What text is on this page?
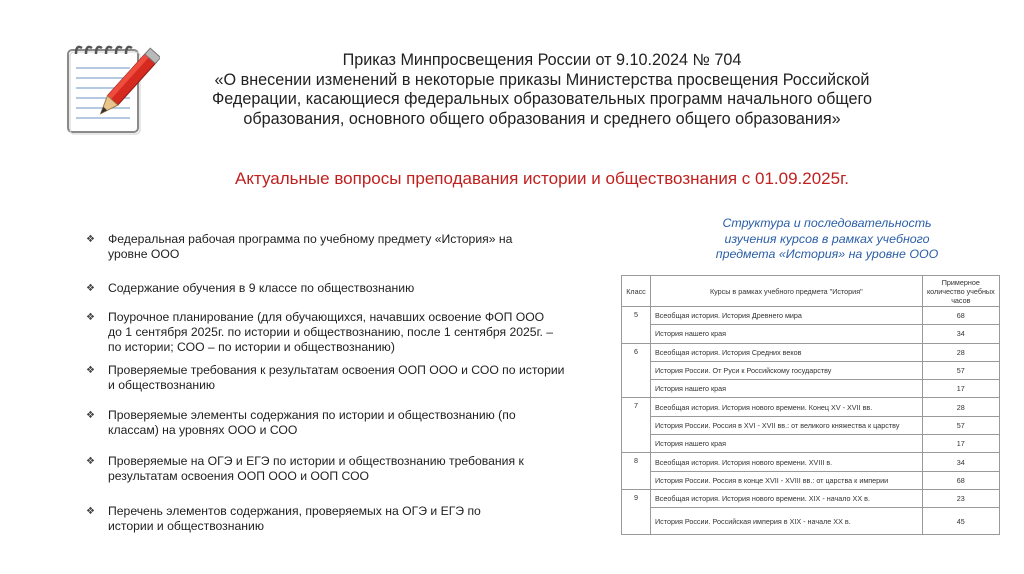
Приказ Минпросвещения России от 9.10.2024 № 704
«О внесении изменений в некоторые приказы Министерства просвещения Российской
Федерации, касающиеся федеральных образовательных программ начального общего
образования, основного общего образования и среднего общего образования»
Актуальные вопросы преподавания истории и обществознания с 01.09.2025г.
❖	Федеральная рабочая программа по учебному предмету «История» на
уровне ООО
❖	Содержание обучения в 9 классе по обществознанию
❖	Поурочное планирование (для обучающихся, начавших освоение ФОП ООО
до 1 сентября 2025г. по истории и обществознанию, после 1 сентября 2025г. –
по истории; СОО – по истории и обществознанию)
❖	Проверяемые требования к результатам освоения ООП ООО и СОО по истории
и обществознанию
❖	Проверяемые элементы содержания по истории и обществознанию (по
классам) на уровнях ООО и СОО
❖	Проверяемые на ОГЭ и ЕГЭ по истории и обществознанию требования к
результатам освоения ООП ООО и ООП СОО
❖	Перечень элементов содержания, проверяемых на ОГЭ и ЕГЭ по
истории и обществознанию
Структура и последовательность
изучения курсов в рамках учебного
предмета «История» на уровне ООО
Класс	Курсы в рамках учебного предмета "История"	Примерное количество учебных часов
5	Всеобщая история. История Древнего мира	68
	История нашего края	34
6	Всеобщая история. История Средних веков	28
	История России. От Руси к Российскому государству	57
	История нашего края	17
7	Всеобщая история. История нового времени. Конец XV - XVII вв.	28
	История России. Россия в XVI - XVII вв.: от великого княжества к царству	57
	История нашего края	17
8	Всеобщая история. История нового времени. XVIII в.	34
	История России. Россия в конце XVII - XVIII вв.: от царства к империи	68
9	Всеобщая история. История нового времени. XIX - начало XX в.	23
	История России. Российская империя в XIX - начале XX в.	45
